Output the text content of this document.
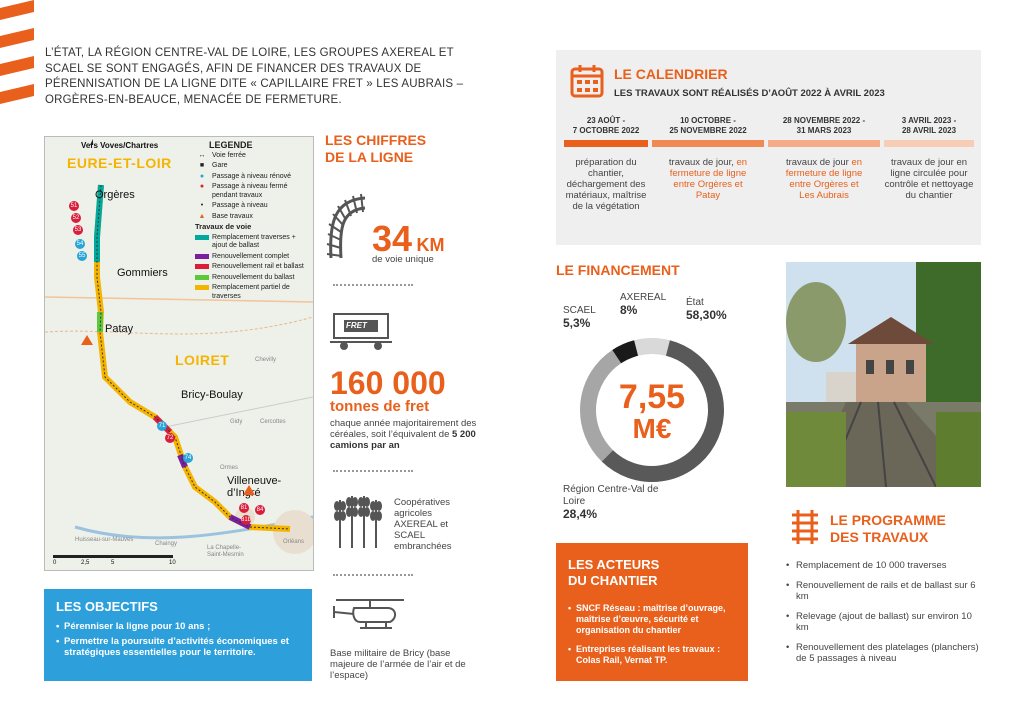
L’ÉTAT, LA RÉGION CENTRE-VAL DE LOIRE, LES GROUPES AXEREAL ET SCAEL SE SONT ENGAGÉS, AFIN DE FINANCER DES TRAVAUX DE PÉRENNISATION DE LA LIGNE DITE « CAPILLAIRE FRET » LES AUBRAIS – ORGÈRES-EN-BEAUCE, MENACÉE DE FERMETURE.
Vers Voves/Chartres
EURE-ET-LOIR
LOIRET
Orgères
Gommiers
Patay
Bricy-Boulay
Villeneuve-
d’Ingré
Chevilly
Gidy	Cercottes
Ormes
Huisseau-sur-Mauves
Chaingy
La Chapelle-
Saint-Mesmin
Orléans
51
52
53
54
55
71
72
74
81
81b
84
0	2,5	5	10
LEGENDE
↔ Voie ferrée
■	Gare
●	Passage à niveau rénové
●	Passage à niveau fermé pendant travaux
•	Passage à niveau
▲ Base travaux
Travaux de voie
Remplacement traverses + ajout de ballast
Renouvellement complet
Renouvellement rail et ballast
Renouvellement du ballast
Remplacement partiel de traverses
LES CHIFFRES
DE LA LIGNE
34 KM
de voie unique
FRET
160 000
tonnes de fret
chaque année majoritairement des céréales, soit l’équivalent de 5 200 camions par an
Coopératives agricoles AXEREAL et SCAEL embranchées
Base militaire de Bricy (base majeure de l’armée de l’air et de l’espace)
LE CALENDRIER
LES TRAVAUX SONT RÉALISÉS D’AOÛT 2022 À AVRIL 2023
23 AOÛT -
7 OCTOBRE 2022
préparation du chantier, déchargement des matériaux, maîtrise de la végétation
10 OCTOBRE -
25 NOVEMBRE 2022
travaux de jour, en fermeture de ligne entre Orgères et Patay
28 NOVEMBRE 2022 -
31 MARS 2023
travaux de jour en fermeture de ligne entre Orgères et Les Aubrais
3 AVRIL 2023 -
28 AVRIL 2023
travaux de jour en ligne circulée pour contrôle et nettoyage du chantier
LE FINANCEMENT
7,55
M€
État
58,30%
Région Centre-Val de Loire
28,4%
SCAEL
5,3%
AXEREAL
8%
LE PROGRAMME
DES TRAVAUX
• Remplacement de 10 000 traverses
• Renouvellement de rails et de ballast sur 6 km
• Relevage (ajout de ballast) sur environ 10 km
• Renouvellement des platelages (planchers) de 5 passages à niveau
LES OBJECTIFS
• Pérenniser la ligne pour 10 ans ;
• Permettre la poursuite d’activités économiques et stratégiques essentielles pour le territoire.
LES ACTEURS
DU CHANTIER
• SNCF Réseau : maîtrise d’ouvrage, maîtrise d’œuvre, sécurité et organisation du chantier
• Entreprises réalisant les travaux : Colas Rail, Vernat TP.
